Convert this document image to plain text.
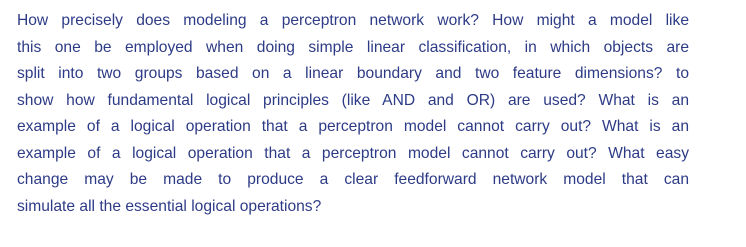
How precisely does modeling a perceptron network work? How might a model like
this one be employed when doing simple linear classification, in which objects are
split into two groups based on a linear boundary and two feature dimensions? to
show how fundamental logical principles (like AND and OR) are used? What is an
example of a logical operation that a perceptron model cannot carry out? What is an
example of a logical operation that a perceptron model cannot carry out? What easy
change may be made to produce a clear feedforward network model that can
simulate all the essential logical operations?
